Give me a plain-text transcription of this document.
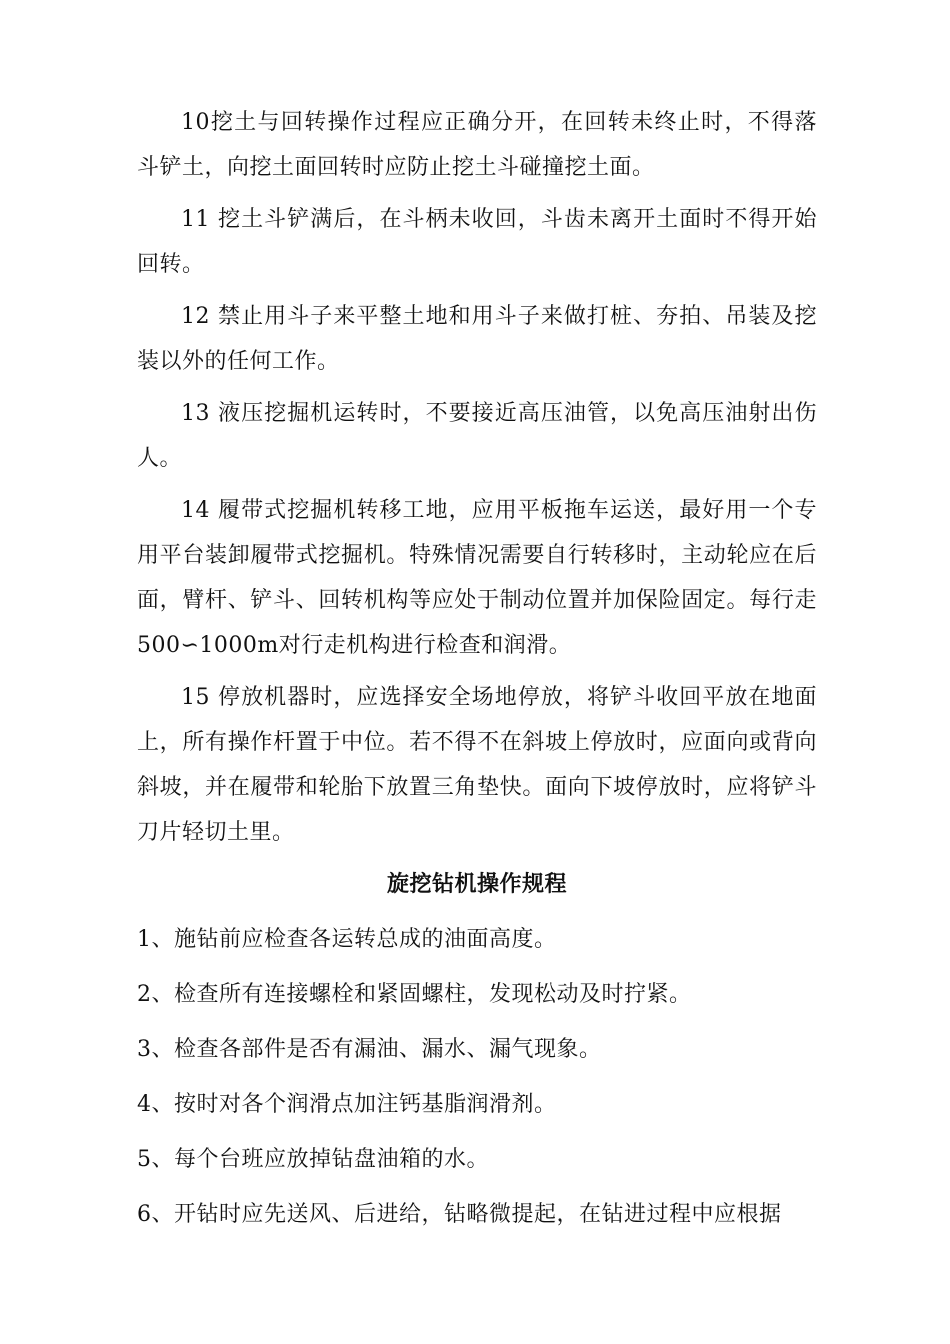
10挖土与回转操作过程应正确分开，在回转未终止时，不得落斗铲土，向挖土面回转时应防止挖土斗碰撞挖土面。

11 挖土斗铲满后，在斗柄未收回，斗齿未离开土面时不得开始回转。

12 禁止用斗子来平整土地和用斗子来做打桩、夯拍、吊装及挖装以外的任何工作。

13 液压挖掘机运转时，不要接近高压油管，以免高压油射出伤人。

14 履带式挖掘机转移工地，应用平板拖车运送，最好用一个专用平台装卸履带式挖掘机。特殊情况需要自行转移时，主动轮应在后面，臂杆、铲斗、回转机构等应处于制动位置并加保险固定。每行走500∽1000m对行走机构进行检查和润滑。

15 停放机器时，应选择安全场地停放，将铲斗收回平放在地面上，所有操作杆置于中位。若不得不在斜坡上停放时，应面向或背向斜坡，并在履带和轮胎下放置三角垫快。面向下坡停放时，应将铲斗刀片轻切土里。

旋挖钻机操作规程

1、施钻前应检查各运转总成的油面高度。

2、检查所有连接螺栓和紧固螺柱，发现松动及时拧紧。

3、检查各部件是否有漏油、漏水、漏气现象。

4、按时对各个润滑点加注钙基脂润滑剂。

5、每个台班应放掉钻盘油箱的水。

6、开钻时应先送风、后进给，钻略微提起，在钻进过程中应根据
